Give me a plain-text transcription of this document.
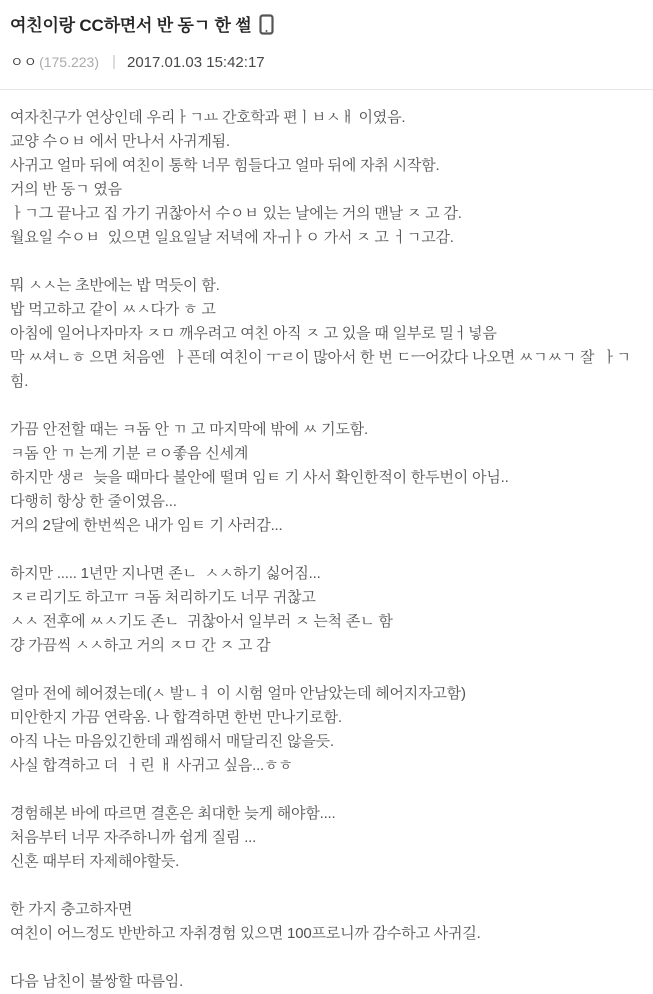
여친이랑 CC하면서 반 동ㄱ 한 썰
ㅇㅇ (175.223) 2017.01.03 15:42:17

여자친구가 연상인데 우리ㅏㄱㅛ 간호학과 편ㅣㅂㅅㅐ 이였음.

교양 수ㅇㅂ 에서 만나서 사귀게됨.

사귀고 얼마 뒤에 여친이 통학 너무 힘들다고 얼마 뒤에 자취 시작함.

거의 반 동ㄱ 였음

ㅏㄱ그 끝나고 집 가기 귀찮아서 수ㅇㅂ 있는 날에는 거의 맨날 ㅈ 고 감.

월요일 수ㅇㅂ  있으면 일요일날 저녁에 자ㅟㅏㅇ 가서 ㅈ 고 ㅓㄱ고감.

뭐 ㅅㅅ는 초반에는 밥 먹듯이 함.

밥 먹고하고 같이 ㅆㅅ다가 ㅎ 고

아침에 일어나자마자 ㅈㅁ 깨우려고 여친 아직 ㅈ 고 있을 때 일부로 밀ㅓ넣음

막 ㅆ셔ㄴㅎ 으면 처음엔  ㅏ픈데 여친이 ㅜㄹ이 많아서 한 번 ㄷㅡ어갔다 나오면 ㅆㄱㅆㄱ 잘  ㅏㄱ힘.

가끔 안전할 때는 ㅋ돔 안 ㄲ 고 마지막에 밖에 ㅆ 기도함.

ㅋ돔 안 ㄲ 는게 기분 ㄹㅇ좋음 신세계

하지만 생ㄹ  늦을 때마다 불안에 떨며 임ㅌ 기 사서 확인한적이 한두번이 아님..

다행히 항상 한 줄이였음...

거의 2달에 한번씩은 내가 임ㅌ 기 사러감...

하지만 ..... 1년만 지나면 존ㄴ  ㅅㅅ하기 싫어짐...

ㅈㄹ리기도 하고ㅠ ㅋ돔 처리하기도 너무 귀찮고

ㅅㅅ 전후에 ㅆㅅ기도 존ㄴ  귀찮아서 일부러 ㅈ 는척 존ㄴ 함

걍 가끔씩 ㅅㅅ하고 거의 ㅈㅁ 간 ㅈ 고 감

얼마 전에 헤어졌는데(ㅅ 발ㄴㅕ 이 시험 얼마 안남았는데 헤어지자고함)

미안한지 가끔 연락옴. 나 합격하면 한번 만나기로함.

아직 나는 마음있긴한데 괘씸해서 매달리진 않을듯.

사실 합격하고 더  ㅓ린 ㅐ 사귀고 싶음...ㅎㅎ

경험해본 바에 따르면 결혼은 최대한 늦게 해야함....

처음부터 너무 자주하니까 쉽게 질림 ...

신혼 때부터 자제해야할듯.

한 가지 충고하자면

여친이 어느정도 반반하고 자취경험 있으면 100프로니까 감수하고 사귀길.

다음 남친이 불쌍할 따름임.
